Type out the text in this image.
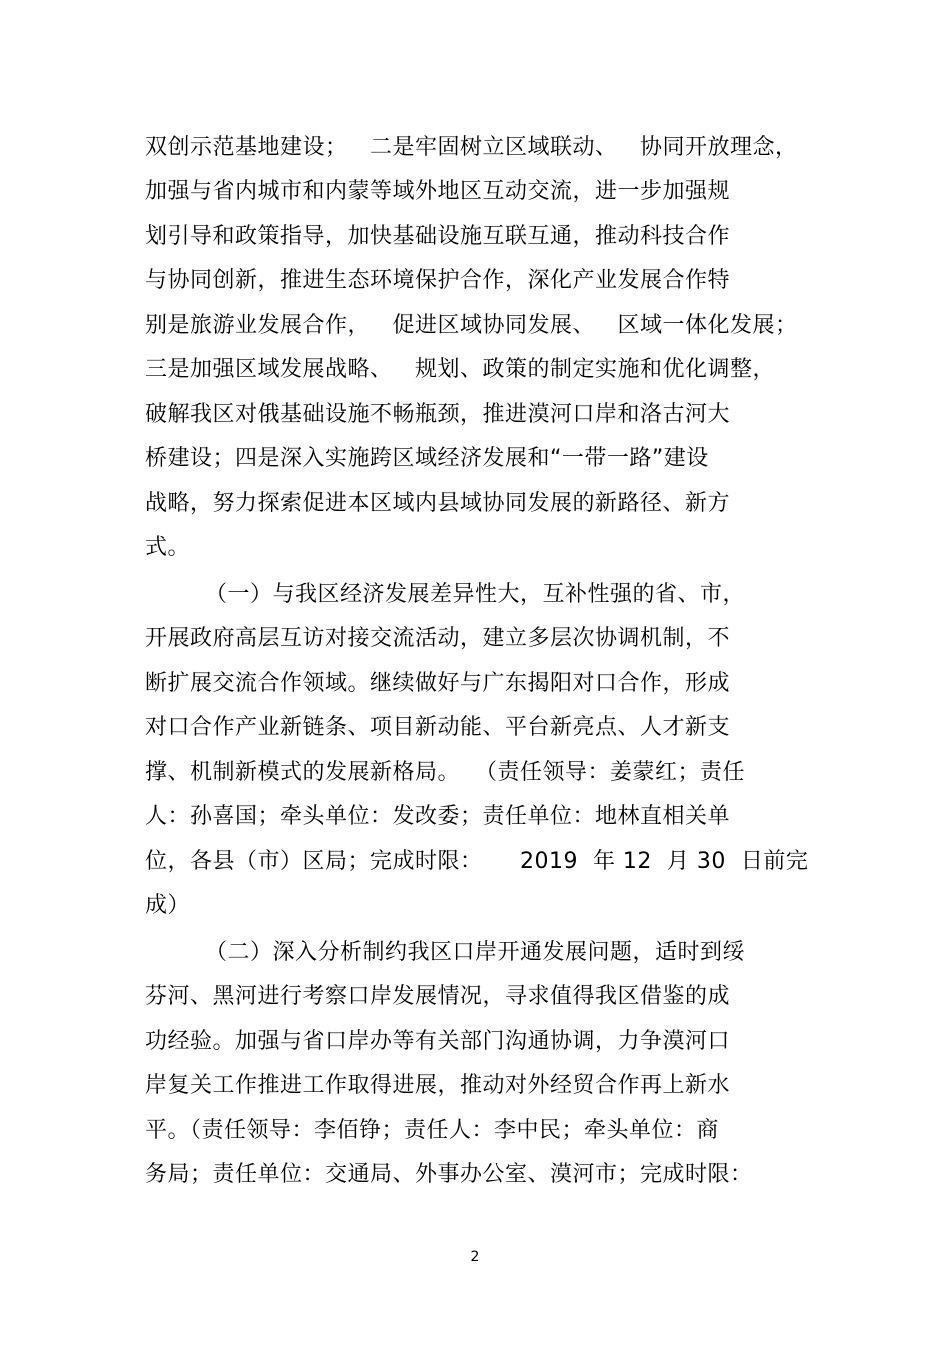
双创示范基地建设；   二是牢固树立区域联动、   协同开放理念，
加强与省内城市和内蒙等域外地区互动交流，进一步加强规
划引导和政策指导，加快基础设施互联互通，推动科技合作
与协同创新，推进生态环境保护合作，深化产业发展合作特
别是旅游业发展合作，   促进区域协同发展、   区域一体化发展；
三是加强区域发展战略、   规划、政策的制定实施和优化调整，
破解我区对俄基础设施不畅瓶颈，推进漠河口岸和洛古河大
桥建设；四是深入实施跨区域经济发展和“一带一路”建设
战略，努力探索促进本区域内县域协同发展的新路径、新方
式。
（一）与我区经济发展差异性大，互补性强的省、市，
开展政府高层互访对接交流活动，建立多层次协调机制，不
断扩展交流合作领域。继续做好与广东揭阳对口合作，形成
对口合作产业新链条、项目新动能、平台新亮点、人才新支
撑、机制新模式的发展新格局。  （责任领导：姜蒙红；责任
人：孙喜国；牵头单位：发改委；责任单位：地林直相关单
位，各县（市）区局；完成时限：     2019  年 12  月 30  日前完
成）
（二）深入分析制约我区口岸开通发展问题，适时到绥
芬河、黑河进行考察口岸发展情况，寻求值得我区借鉴的成
功经验。加强与省口岸办等有关部门沟通协调，力争漠河口
岸复关工作推进工作取得进展，推动对外经贸合作再上新水
平。（责任领导：李佰铮；责任人：李中民；牵头单位：商
务局；责任单位：交通局、外事办公室、漠河市；完成时限：
2
